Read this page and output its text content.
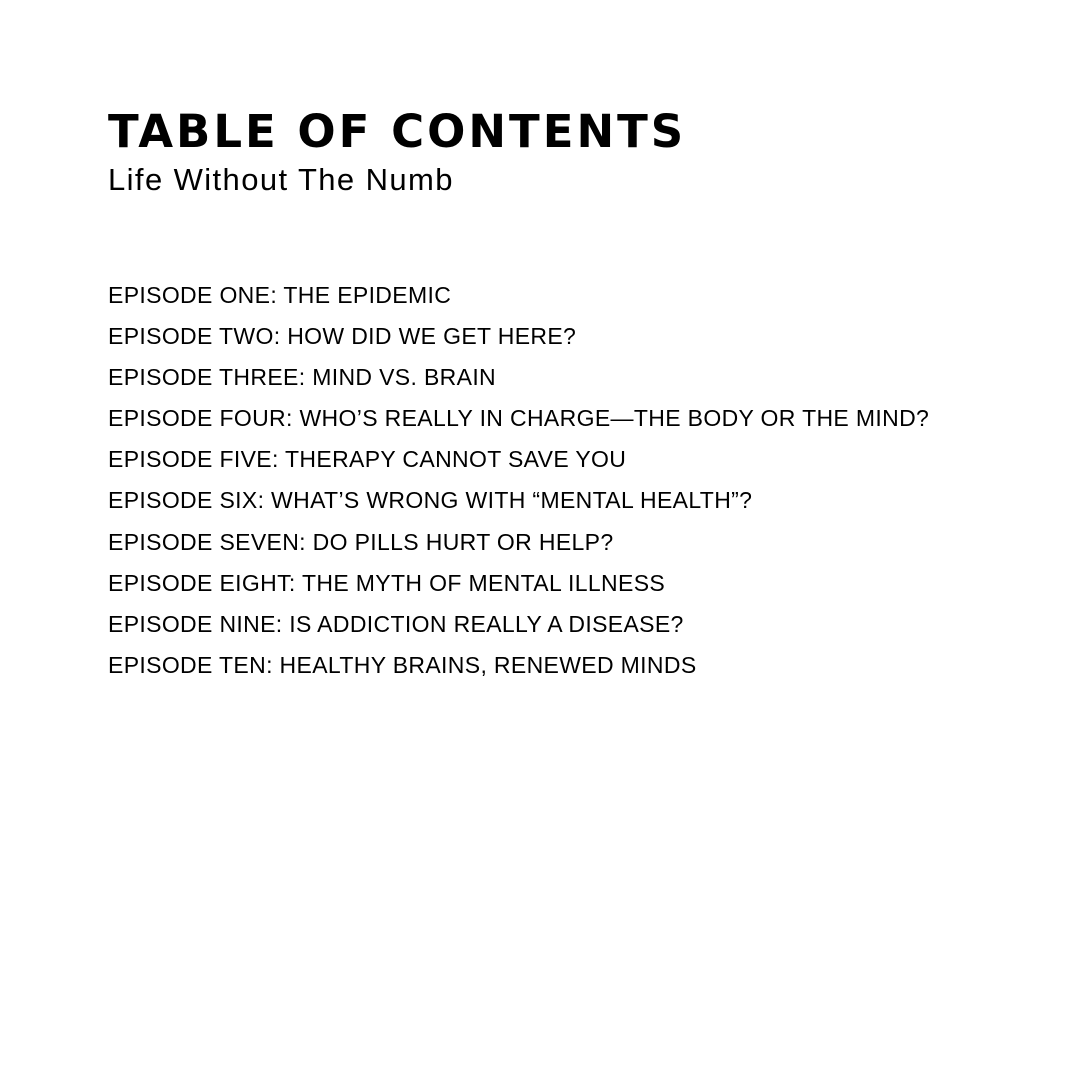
TABLE OF CONTENTS

Life Without The Numb

EPISODE ONE: THE EPIDEMIC
EPISODE TWO: HOW DID WE GET HERE?
EPISODE THREE: MIND VS. BRAIN
EPISODE FOUR: WHO’S REALLY IN CHARGE—THE BODY OR THE MIND?
EPISODE FIVE: THERAPY CANNOT SAVE YOU
EPISODE SIX: WHAT’S WRONG WITH “MENTAL HEALTH”?
EPISODE SEVEN: DO PILLS HURT OR HELP?
EPISODE EIGHT: THE MYTH OF MENTAL ILLNESS
EPISODE NINE: IS ADDICTION REALLY A DISEASE?
EPISODE TEN: HEALTHY BRAINS, RENEWED MINDS
